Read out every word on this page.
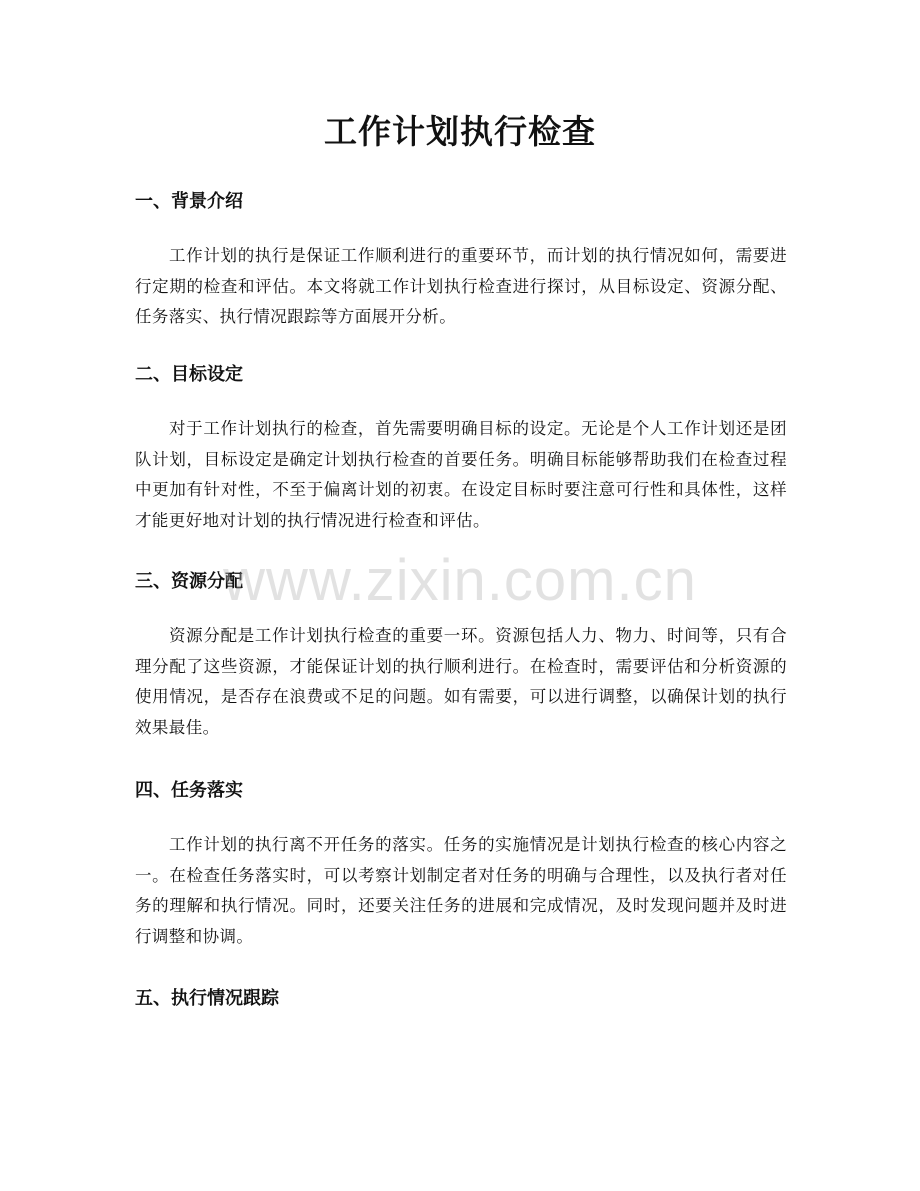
工作计划执行检查
一、背景介绍

工作计划的执行是保证工作顺利进行的重要环节，而计划的执行情况如何，需要进行定期的检查和评估。本文将就工作计划执行检查进行探讨，从目标设定、资源分配、任务落实、执行情况跟踪等方面展开分析。

二、目标设定

对于工作计划执行的检查，首先需要明确目标的设定。无论是个人工作计划还是团队计划，目标设定是确定计划执行检查的首要任务。明确目标能够帮助我们在检查过程中更加有针对性，不至于偏离计划的初衷。在设定目标时要注意可行性和具体性，这样才能更好地对计划的执行情况进行检查和评估。

三、资源分配

资源分配是工作计划执行检查的重要一环。资源包括人力、物力、时间等，只有合理分配了这些资源，才能保证计划的执行顺利进行。在检查时，需要评估和分析资源的使用情况，是否存在浪费或不足的问题。如有需要，可以进行调整，以确保计划的执行效果最佳。

四、任务落实

工作计划的执行离不开任务的落实。任务的实施情况是计划执行检查的核心内容之一。在检查任务落实时，可以考察计划制定者对任务的明确与合理性，以及执行者对任务的理解和执行情况。同时，还要关注任务的进展和完成情况，及时发现问题并及时进行调整和协调。

五、执行情况跟踪
www.zixin.com.cn
